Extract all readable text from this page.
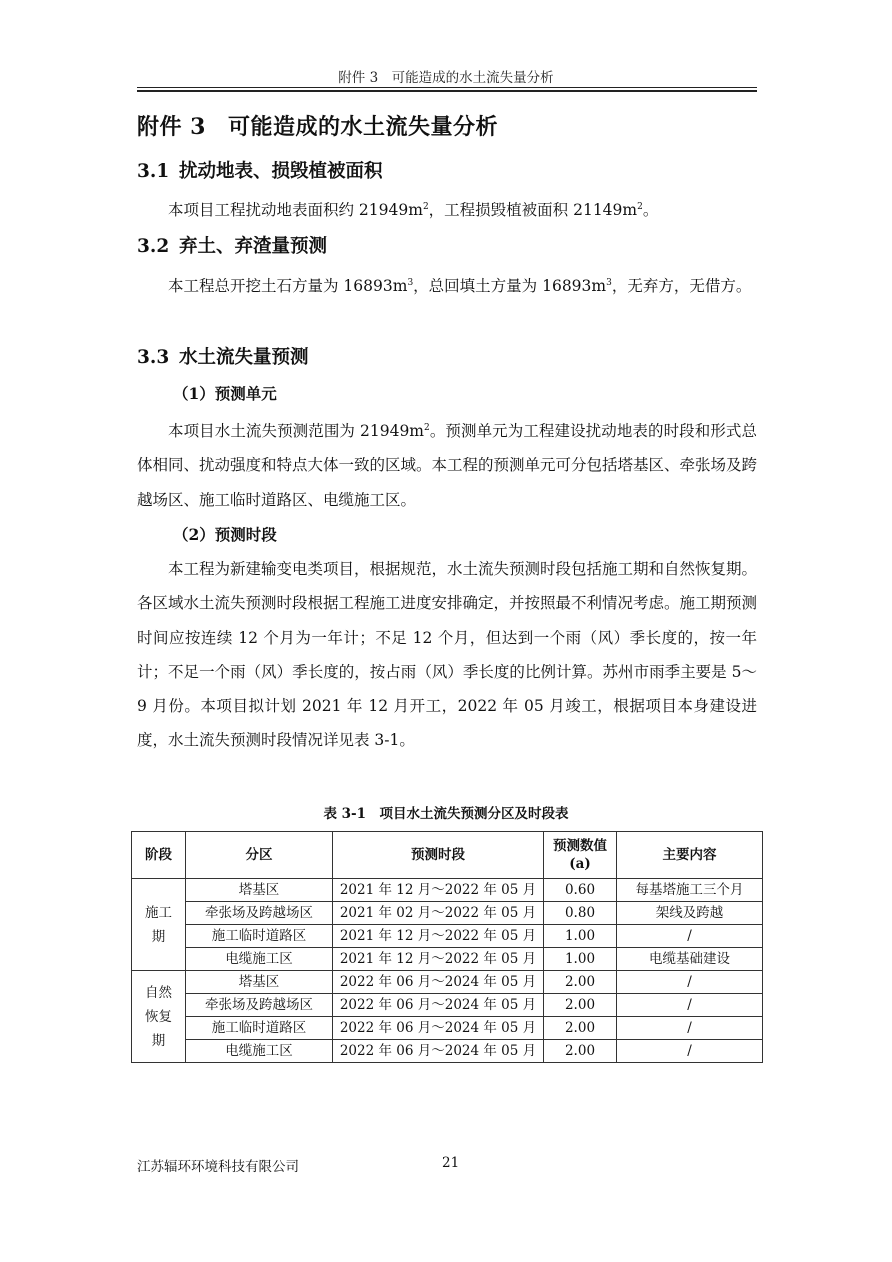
附件 3　可能造成的水土流失量分析
附件 3 可能造成的水土流失量分析
3.1 扰动地表、损毁植被面积
本项目工程扰动地表面积约 $21949m^2$，工程损毁植被面积 $21149m^2$。
3.2 弃土、弃渣量预测
本工程总开挖土石方量为 $16893m^3$，总回填土方量为 $16893m^3$，无弃方，无借方。
3.3 水土流失量预测
（1）预测单元
本项目水土流失预测范围为 $21949m^2$。预测单元为工程建设扰动地表的时段和形式总体相同、扰动强度和特点大体一致的区域。本工程的预测单元可分包括塔基区、牵张场及跨越场区、施工临时道路区、电缆施工区。
（2）预测时段
本工程为新建输变电类项目，根据规范，水土流失预测时段包括施工期和自然恢复期。各区域水土流失预测时段根据工程施工进度安排确定，并按照最不利情况考虑。施工期预测时间应按连续 12 个月为一年计；不足 12 个月，但达到一个雨（风）季长度的，按一年计；不足一个雨（风）季长度的，按占雨（风）季长度的比例计算。苏州市雨季主要是 5～9 月份。本项目拟计划 2021 年 12 月开工，2022 年 05 月竣工，根据项目本身建设进度，水土流失预测时段情况详见表 3-1。
表 3-1　项目水土流失预测分区及时段表
阶段	分区	预测时段	预测数值(a)	主要内容
施工期	塔基区	2021 年 12 月～2022 年 05 月	0.60	每基塔施工三个月
	牵张场及跨越场区	2021 年 02 月～2022 年 05 月	0.80	架线及跨越
	施工临时道路区	2021 年 12 月～2022 年 05 月	1.00	/
	电缆施工区	2021 年 12 月～2022 年 05 月	1.00	电缆基础建设
自然恢复期	塔基区	2022 年 06 月～2024 年 05 月	2.00	/
	牵张场及跨越场区	2022 年 06 月～2024 年 05 月	2.00	/
	施工临时道路区	2022 年 06 月～2024 年 05 月	2.00	/
	电缆施工区	2022 年 06 月～2024 年 05 月	2.00	/
江苏辐环环境科技有限公司	21
